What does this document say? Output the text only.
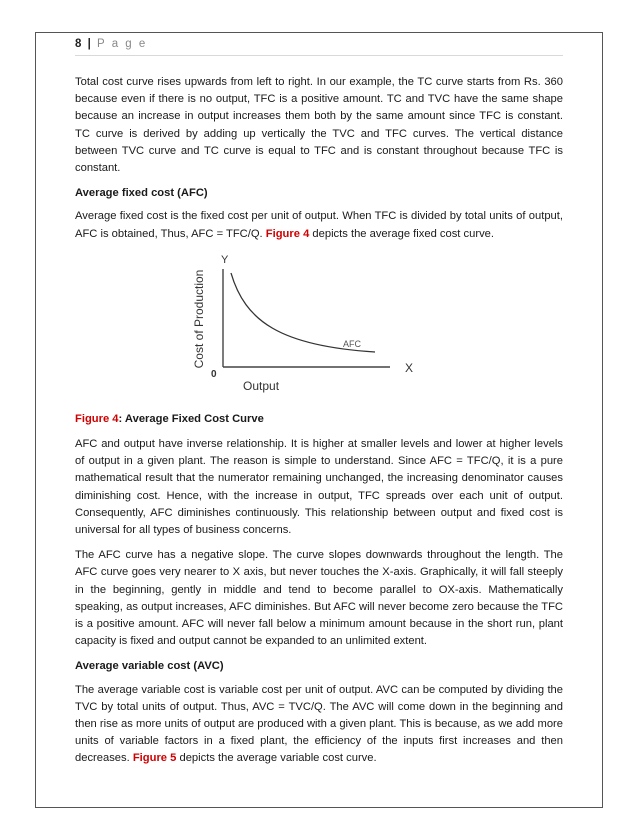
8 | P a g e

Total cost curve rises upwards from left to right. In our example, the TC curve starts from Rs. 360 because even if there is no output, TFC is a positive amount. TC and TVC have the same shape because an increase in output increases them both by the same amount since TFC is constant. TC curve is derived by adding up vertically the TVC and TFC curves. The vertical distance between TVC curve and TC curve is equal to TFC and is constant throughout because TFC is constant.

Average fixed cost (AFC)

Average fixed cost is the fixed cost per unit of output. When TFC is divided by total units of output, AFC is obtained, Thus, AFC = TFC/Q. Figure 4 depicts the average fixed cost curve.

Y
0
Cost of Production	AFC
X
Output

Figure 4: Average Fixed Cost Curve

AFC and output have inverse relationship. It is higher at smaller levels and lower at higher levels of output in a given plant. The reason is simple to understand. Since AFC = TFC/Q, it is a pure mathematical result that the numerator remaining unchanged, the increasing denominator causes diminishing cost. Hence, with the increase in output, TFC spreads over each unit of output. Consequently, AFC diminishes continuously. This relationship between output and fixed cost is universal for all types of business concerns.

The AFC curve has a negative slope. The curve slopes downwards throughout the length. The AFC curve goes very nearer to X axis, but never touches the X-axis. Graphically, it will fall steeply in the beginning, gently in middle and tend to become parallel to OX-axis. Mathematically speaking, as output increases, AFC diminishes. But AFC will never become zero because the TFC is a positive amount. AFC will never fall below a minimum amount because in the short run, plant capacity is fixed and output cannot be expanded to an unlimited extent.

Average variable cost (AVC)

The average variable cost is variable cost per unit of output. AVC can be computed by dividing the TVC by total units of output. Thus, AVC = TVC/Q. The AVC will come down in the beginning and then rise as more units of output are produced with a given plant. This is because, as we add more units of variable factors in a fixed plant, the efficiency of the inputs first increases and then decreases. Figure 5 depicts the average variable cost curve.
